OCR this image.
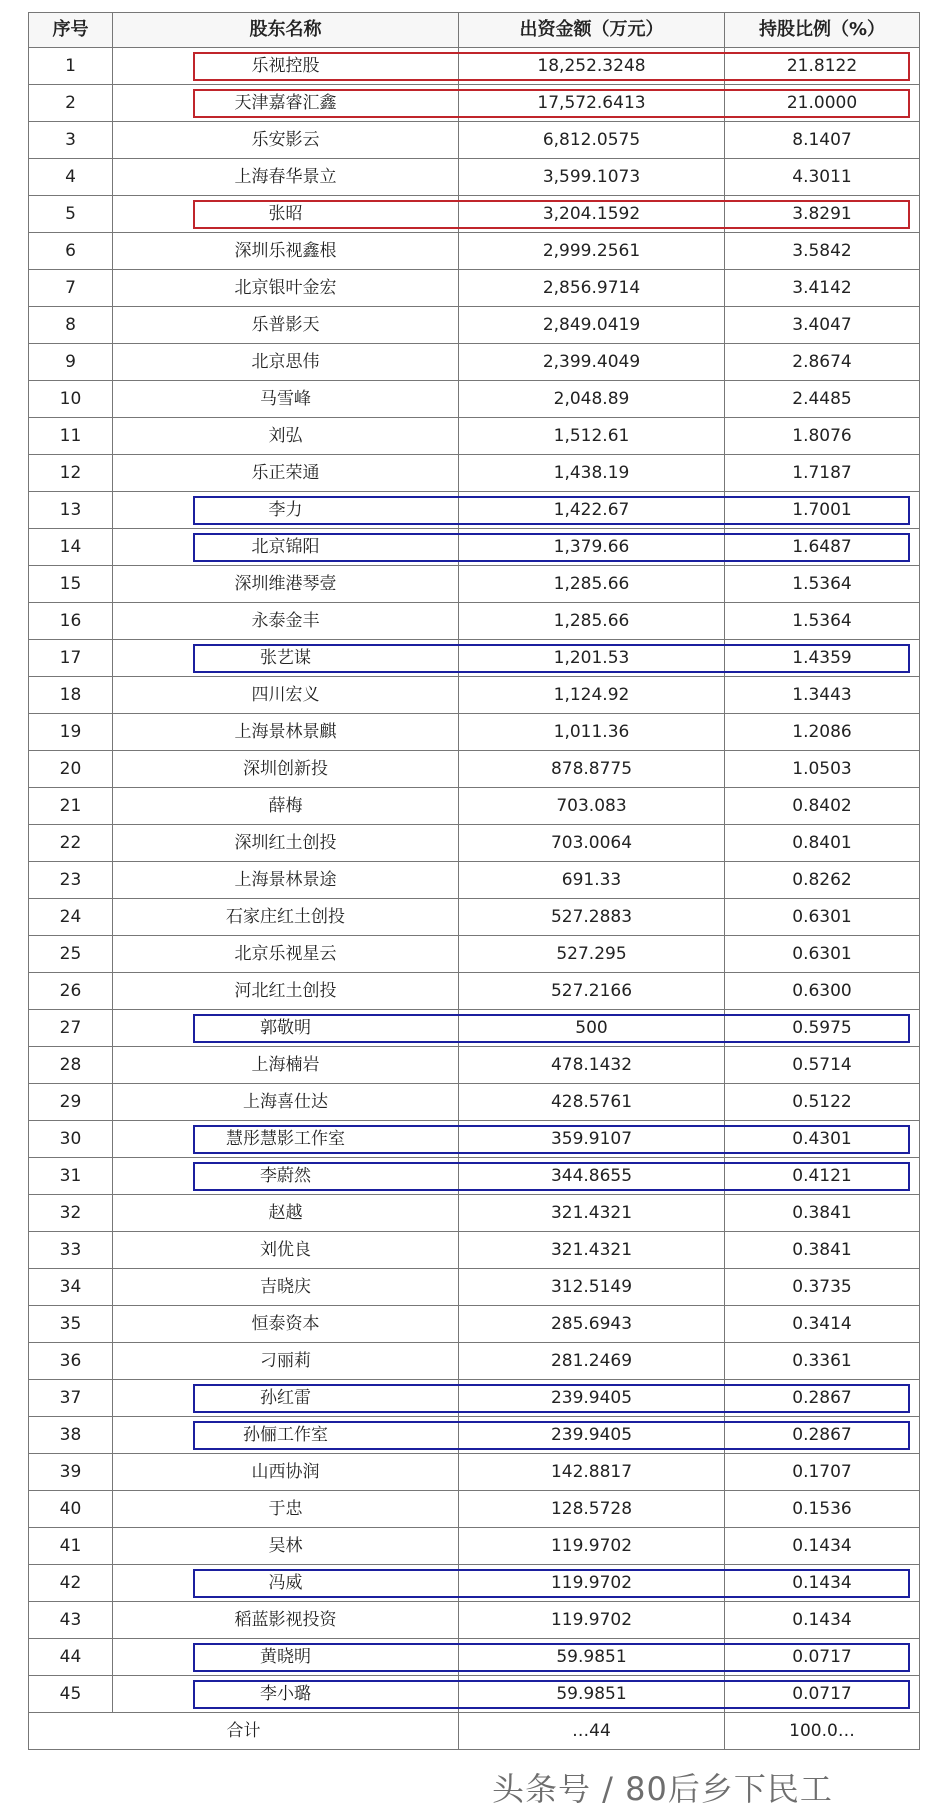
序号	股东名称	出资金额（万元）	持股比例（%）
1	乐视控股	18,252.3248	21.8122
2	天津嘉睿汇鑫	17,572.6413	21.0000
3	乐安影云	6,812.0575	8.1407
4	上海春华景立	3,599.1073	4.3011
5	张昭	3,204.1592	3.8291
6	深圳乐视鑫根	2,999.2561	3.5842
7	北京银叶金宏	2,856.9714	3.4142
8	乐普影天	2,849.0419	3.4047
9	北京思伟	2,399.4049	2.8674
10	马雪峰	2,048.89	2.4485
11	刘弘	1,512.61	1.8076
12	乐正荣通	1,438.19	1.7187
13	李力	1,422.67	1.7001
14	北京锦阳	1,379.66	1.6487
15	深圳维港琴壹	1,285.66	1.5364
16	永泰金丰	1,285.66	1.5364
17	张艺谋	1,201.53	1.4359
18	四川宏义	1,124.92	1.3443
19	上海景林景麒	1,011.36	1.2086
20	深圳创新投	878.8775	1.0503
21	薛梅	703.083	0.8402
22	深圳红土创投	703.0064	0.8401
23	上海景林景途	691.33	0.8262
24	石家庄红土创投	527.2883	0.6301
25	北京乐视星云	527.295	0.6301
26	河北红土创投	527.2166	0.6300
27	郭敬明	500	0.5975
28	上海楠岩	478.1432	0.5714
29	上海喜仕达	428.5761	0.5122
30	慧彤慧影工作室	359.9107	0.4301
31	李蔚然	344.8655	0.4121
32	赵越	321.4321	0.3841
33	刘优良	321.4321	0.3841
34	吉晓庆	312.5149	0.3735
35	恒泰资本	285.6943	0.3414
36	刁丽莉	281.2469	0.3361
37	孙红雷	239.9405	0.2867
38	孙俪工作室	239.9405	0.2867
39	山西协润	142.8817	0.1707
40	于忠	128.5728	0.1536
41	吴林	119.9702	0.1434
42	冯威	119.9702	0.1434
43	稻蓝影视投资	119.9702	0.1434
44	黄晓明	59.9851	0.0717
45	李小璐	59.9851	0.0717
合计		…44	100.0…
头条号 / 80后乡下民工
